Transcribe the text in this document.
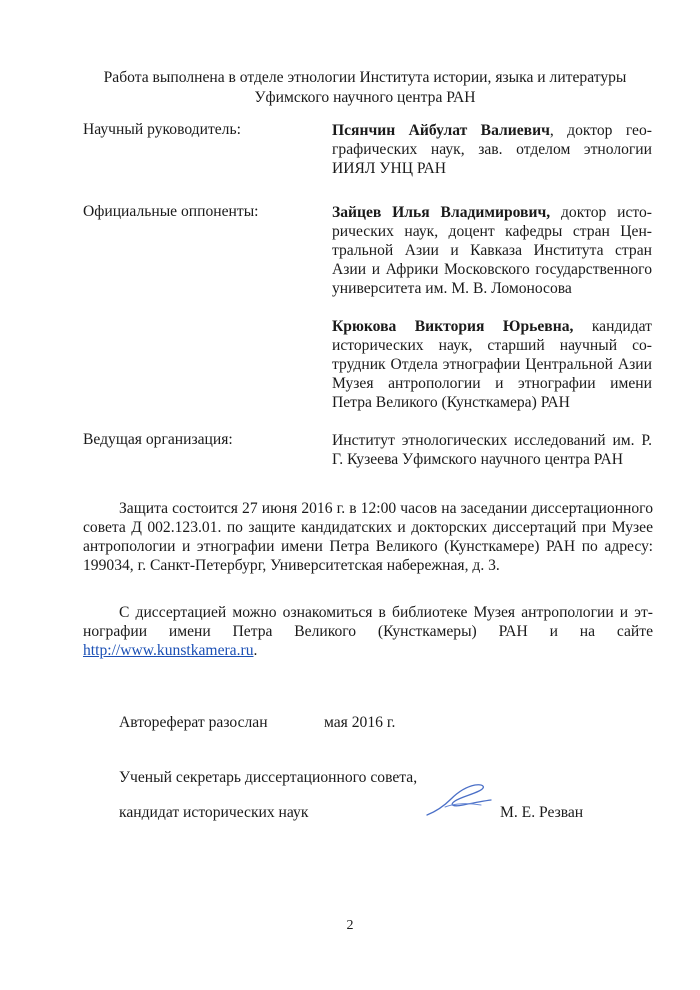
Работа выполнена в отделе этнологии Института истории, языка и литературы
Уфимского научного центра РАН
Научный руководитель:	Псянчин Айбулат Валиевич, доктор географических наук, зав. отделом этнологии ИИЯЛ УНЦ РАН
Официальные оппоненты:	Зайцев Илья Владимирович, доктор исторических наук, доцент кафедры стран Центральной Азии и Кавказа Института стран Азии и Африки Московского государственного университета им. М. В. Ломоносова
Крюкова Виктория Юрьевна, кандидат исторических наук, старший научный сотрудник Отдела этнографии Центральной Азии Музея антропологии и этнографии имени Петра Великого (Кунсткамера) РАН
Ведущая организация:	Институт этнологических исследований им. Р. Г. Кузеева Уфимского научного центра РАН
Защита состоится 27 июня 2016 г. в 12:00 часов на заседании диссертационного совета Д 002.123.01. по защите кандидатских и докторских диссертаций при Музее антропологии и этнографии имени Петра Великого (Кунсткамере) РАН по адресу: 199034, г. Санкт-Петербург, Университетская набережная, д. 3.
С диссертацией можно ознакомиться в библиотеке Музея антропологии и этнографии имени Петра Великого (Кунсткамеры) РАН и на сайте http://www.kunstkamera.ru.
Автореферат разослан	мая 2016 г.
Ученый секретарь диссертационного совета,
кандидат исторических наук	М. Е. Резван
2
